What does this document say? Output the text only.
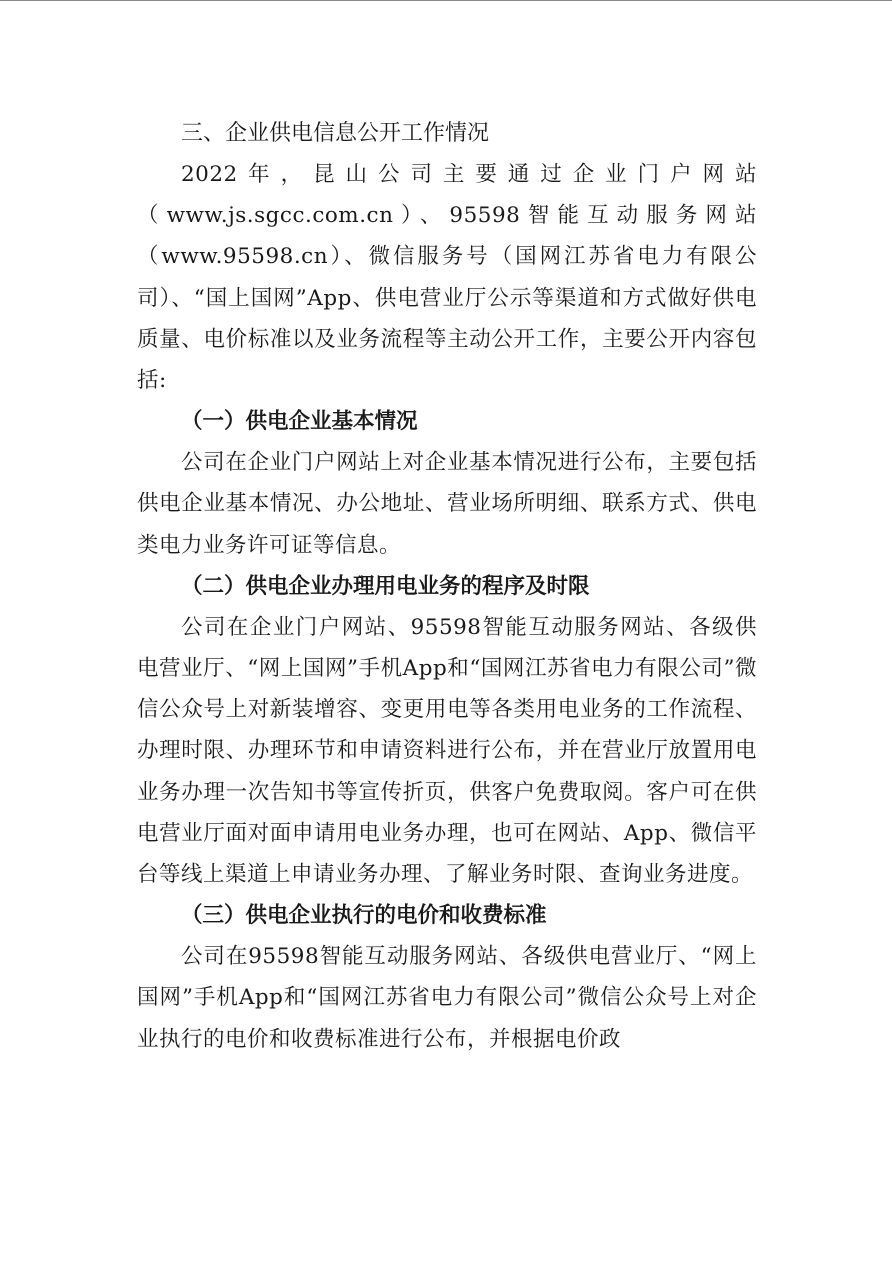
三、企业供电信息公开工作情况

2022年，昆山公司主要通过企业门户网站（www.js.sgcc.com.cn）、95598智能互动服务网站（www.95598.cn）、微信服务号（国网江苏省电力有限公司）、“国上国网”App、供电营业厅公示等渠道和方式做好供电质量、电价标准以及业务流程等主动公开工作，主要公开内容包括:

（一）供电企业基本情况

公司在企业门户网站上对企业基本情况进行公布，主要包括供电企业基本情况、办公地址、营业场所明细、联系方式、供电类电力业务许可证等信息。

（二）供电企业办理用电业务的程序及时限

公司在企业门户网站、95598智能互动服务网站、各级供电营业厅、“网上国网”手机App和“国网江苏省电力有限公司”微信公众号上对新装增容、变更用电等各类用电业务的工作流程、办理时限、办理环节和申请资料进行公布，并在营业厅放置用电业务办理一次告知书等宣传折页，供客户免费取阅。客户可在供电营业厅面对面申请用电业务办理，也可在网站、App、微信平台等线上渠道上申请业务办理、了解业务时限、查询业务进度。

（三）供电企业执行的电价和收费标准

公司在95598智能互动服务网站、各级供电营业厅、“网上国网”手机App和“国网江苏省电力有限公司”微信公众号上对企业执行的电价和收费标准进行公布，并根据电价政
